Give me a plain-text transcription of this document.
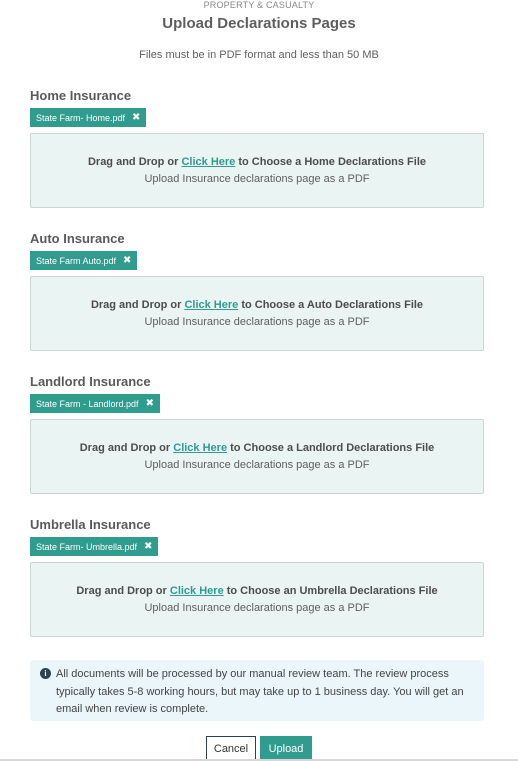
PROPERTY & CASUALTY
Upload Declarations Pages
Files must be in PDF format and less than 50 MB
Home Insurance
State Farm- Home.pdf ✖
Drag and Drop or Click Here to Choose a Home Declarations File
Upload Insurance declarations page as a PDF
Auto Insurance
State Farm Auto.pdf ✖
Drag and Drop or Click Here to Choose a Auto Declarations File
Upload Insurance declarations page as a PDF
Landlord Insurance
State Farm - Landlord.pdf ✖
Drag and Drop or Click Here to Choose a Landlord Declarations File
Upload Insurance declarations page as a PDF
Umbrella Insurance
State Farm- Umbrella.pdf ✖
Drag and Drop or Click Here to Choose an Umbrella Declarations File
Upload Insurance declarations page as a PDF
i All documents will be processed by our manual review team. The review process typically takes 5-8 working hours, but may take up to 1 business day. You will get an email when review is complete.
Cancel	Upload
